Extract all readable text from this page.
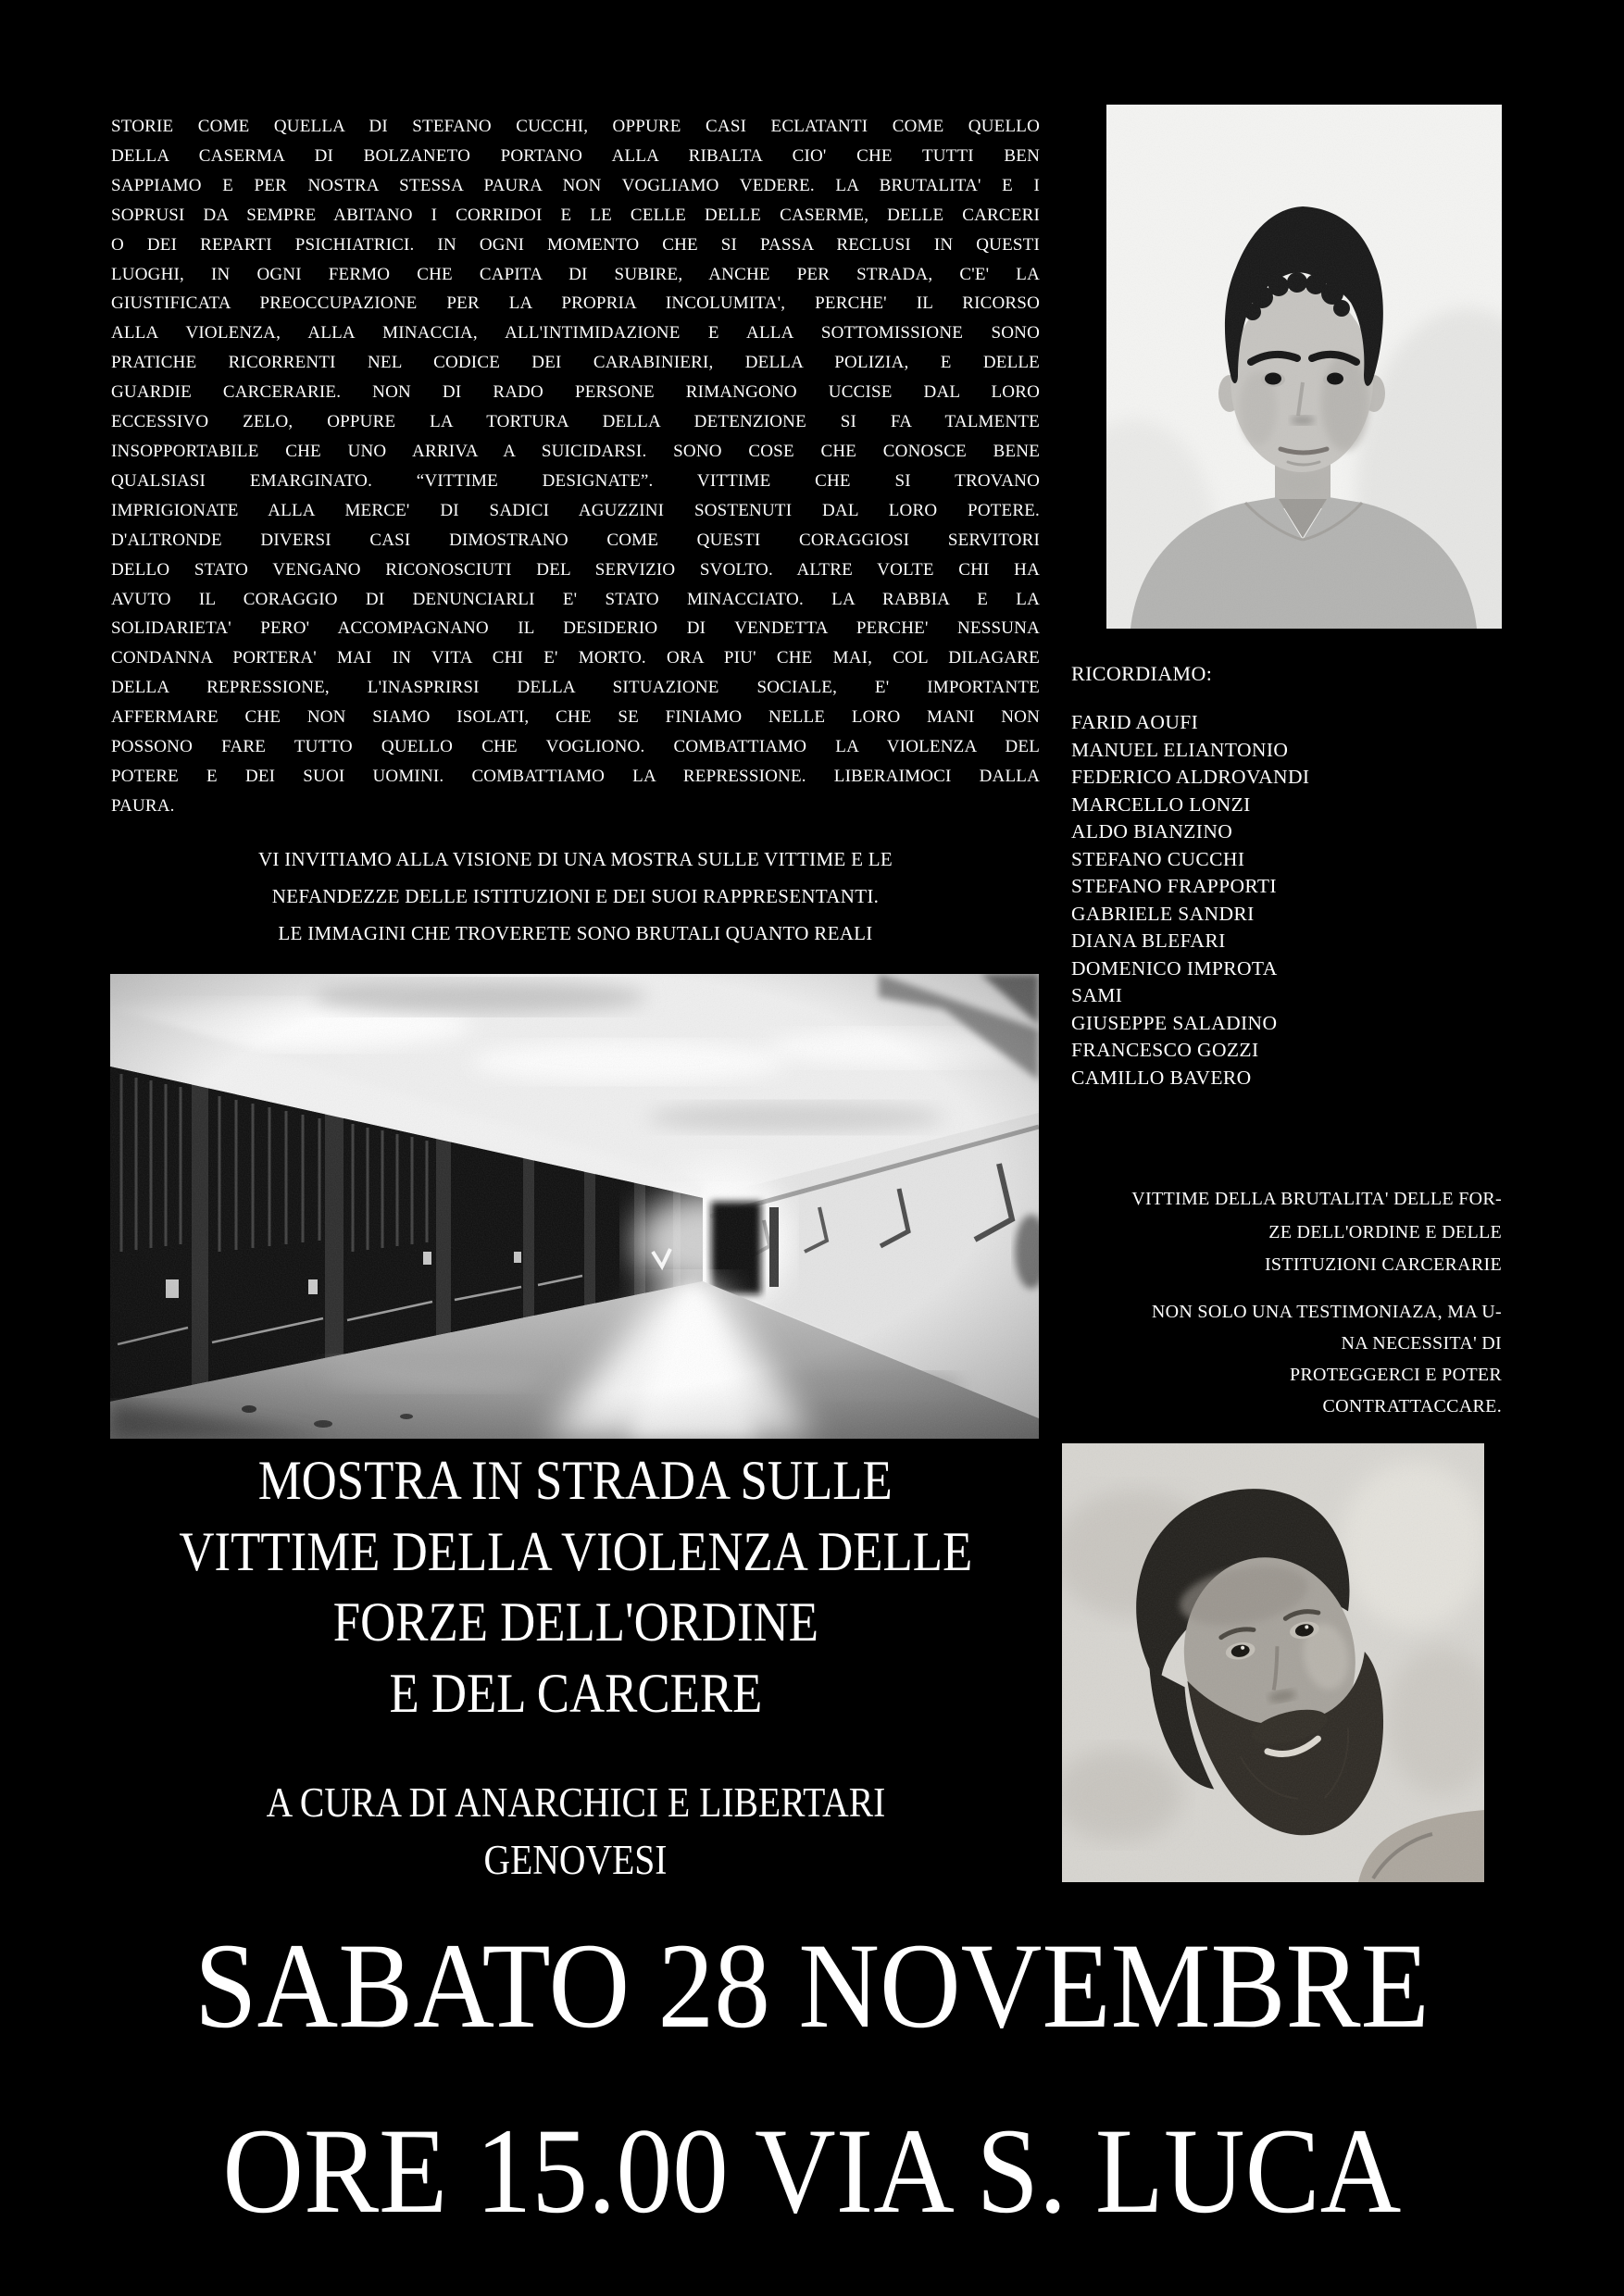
STORIE COME QUELLA DI STEFANO CUCCHI, OPPURE CASI ECLATANTI COME QUELLO
DELLA CASERMA DI BOLZANETO PORTANO ALLA RIBALTA CIO' CHE TUTTI BEN
SAPPIAMO E PER NOSTRA STESSA PAURA NON VOGLIAMO VEDERE. LA BRUTALITA' E I
SOPRUSI DA SEMPRE ABITANO I CORRIDOI E LE CELLE DELLE CASERME, DELLE CARCERI
O DEI REPARTI PSICHIATRICI. IN OGNI MOMENTO CHE SI PASSA RECLUSI IN QUESTI
LUOGHI, IN OGNI FERMO CHE CAPITA DI SUBIRE, ANCHE PER STRADA, C'E' LA
GIUSTIFICATA PREOCCUPAZIONE PER LA PROPRIA INCOLUMITA', PERCHE' IL RICORSO
ALLA VIOLENZA, ALLA MINACCIA, ALL'INTIMIDAZIONE E ALLA SOTTOMISSIONE SONO
PRATICHE RICORRENTI NEL CODICE DEI CARABINIERI, DELLA POLIZIA, E DELLE
GUARDIE CARCERARIE. NON DI RADO PERSONE RIMANGONO UCCISE DAL LORO
ECCESSIVO ZELO, OPPURE LA TORTURA DELLA DETENZIONE SI FA TALMENTE
INSOPPORTABILE CHE UNO ARRIVA A SUICIDARSI. SONO COSE CHE CONOSCE BENE
QUALSIASI EMARGINATO. “VITTIME DESIGNATE”. VITTIME CHE SI TROVANO
IMPRIGIONATE ALLA MERCE' DI SADICI AGUZZINI SOSTENUTI DAL LORO POTERE.
D'ALTRONDE DIVERSI CASI DIMOSTRANO COME QUESTI CORAGGIOSI SERVITORI
DELLO STATO VENGANO RICONOSCIUTI DEL SERVIZIO SVOLTO. ALTRE VOLTE CHI HA
AVUTO IL CORAGGIO DI DENUNCIARLI E' STATO MINACCIATO. LA RABBIA E LA
SOLIDARIETA' PERO' ACCOMPAGNANO IL DESIDERIO DI VENDETTA PERCHE' NESSUNA
CONDANNA PORTERA' MAI IN VITA CHI E' MORTO. ORA PIU' CHE MAI, COL DILAGARE
DELLA REPRESSIONE, L'INASPRIRSI DELLA SITUAZIONE SOCIALE, E' IMPORTANTE
AFFERMARE CHE NON SIAMO ISOLATI, CHE SE FINIAMO NELLE LORO MANI NON
POSSONO FARE TUTTO QUELLO CHE VOGLIONO. COMBATTIAMO LA VIOLENZA DEL
POTERE E DEI SUOI UOMINI. COMBATTIAMO LA REPRESSIONE. LIBERAIMOCI DALLA
PAURA.
VI INVITIAMO ALLA VISIONE DI UNA MOSTRA SULLE VITTIME E LE
NEFANDEZZE DELLE ISTITUZIONI E DEI SUOI RAPPRESENTANTI.
LE IMMAGINI CHE TROVERETE SONO BRUTALI QUANTO REALI
RICORDIAMO:
FARID AOUFI
MANUEL ELIANTONIO
FEDERICO ALDROVANDI
MARCELLO LONZI
ALDO BIANZINO
STEFANO CUCCHI
STEFANO FRAPPORTI
GABRIELE SANDRI
DIANA BLEFARI
DOMENICO IMPROTA
SAMI
GIUSEPPE SALADINO
FRANCESCO GOZZI
CAMILLO BAVERO
VITTIME DELLA BRUTALITA' DELLE FOR-
ZE DELL'ORDINE E DELLE
ISTITUZIONI CARCERARIE
NON SOLO UNA TESTIMONIAZA, MA U-
NA NECESSITA' DI
PROTEGGERCI E POTER
CONTRATTACCARE.
MOSTRA IN STRADA SULLE
VITTIME DELLA VIOLENZA DELLE
FORZE DELL'ORDINE
E DEL CARCERE
A CURA DI ANARCHICI E LIBERTARI
GENOVESI
SABATO 28 NOVEMBRE
ORE 15.00 VIA S. LUCA
